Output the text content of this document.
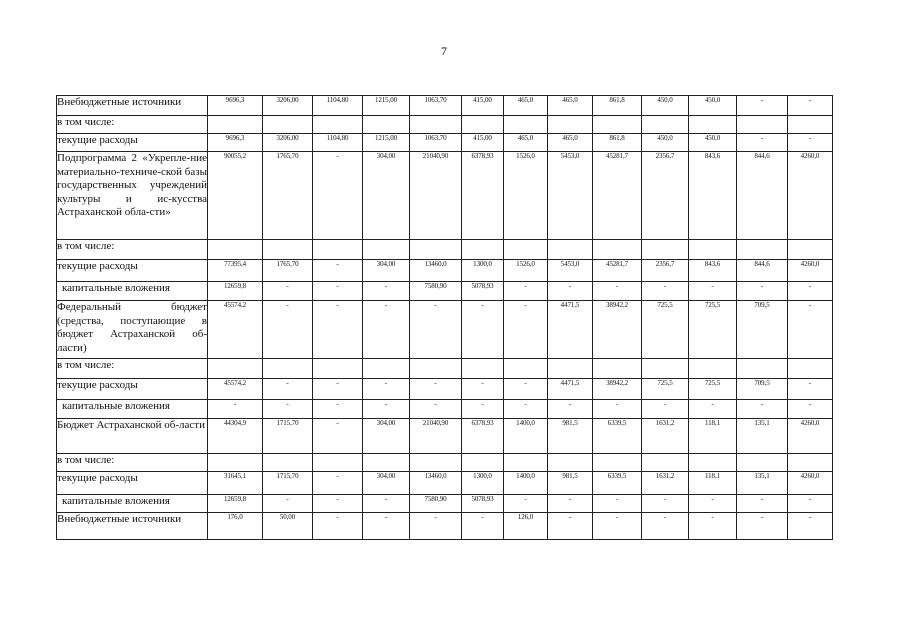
7
Внебюджетные источники	9696,3	3206,00	1104,80	1215,00	1063,70	415,00	465,0	465,0	861,8	450,0	450,0	-	-
в том числе:													
текущие расходы	9696,3	3206,00	1104,80	1215,00	1063,70	415,00	465,0	465,0	861,8	450,0	450,0	-	-
Подпрограмма 2 «Укрепле-ние материально-техниче-ской базы государственных учреждений культуры и ис-кусства Астраханской обла-сти»	90055,2	1765,70	-	304,00	21040,90	6378,93	1526,0	5453,0	45281,7	2356,7	843,6	844,6	4260,0
в том числе:													
текущие расходы	77395,4	1765,70	-	304,00	13460,0	1300,0	1526,0	5453,0	45281,7	2356,7	843,6	844,6	4260,0
капитальные вложения	12659,8	-	-	-	7580,90	5078,93	-	-	-	-	-	-	-
Федеральный бюджет (средства, поступающие в бюджет Астраханской об-ласти)	45574,2	-	-	-	-	-	-	4471,5	38942,2	725,5	725,5	709,5	-
в том числе:													
текущие расходы	45574,2	-	-	-	-	-	-	4471,5	38942,2	725,5	725,5	709,5	-
капитальные вложения	-	-	-	-	-	-	-	-	-	-	-	-	-
Бюджет Астраханской об-ласти	44304,9	1715,70	-	304,00	21040,90	6378,93	1400,0	981,5	6339,5	1631,2	118,1	135,1	4260,0
в том числе:													
текущие расходы	31645,1	1715,70	-	304,00	13460,0	1300,0	1400,0	981,5	6339,5	1631,2	118,1	135,1	4260,0
капитальные вложения	12659,8	-	-	-	7580,90	5078,93	-	-	-	-	-	-	-
Внебюджетные источники	176,0	50,00	-	-	-	-	126,0	-	-	-	-	-	-
